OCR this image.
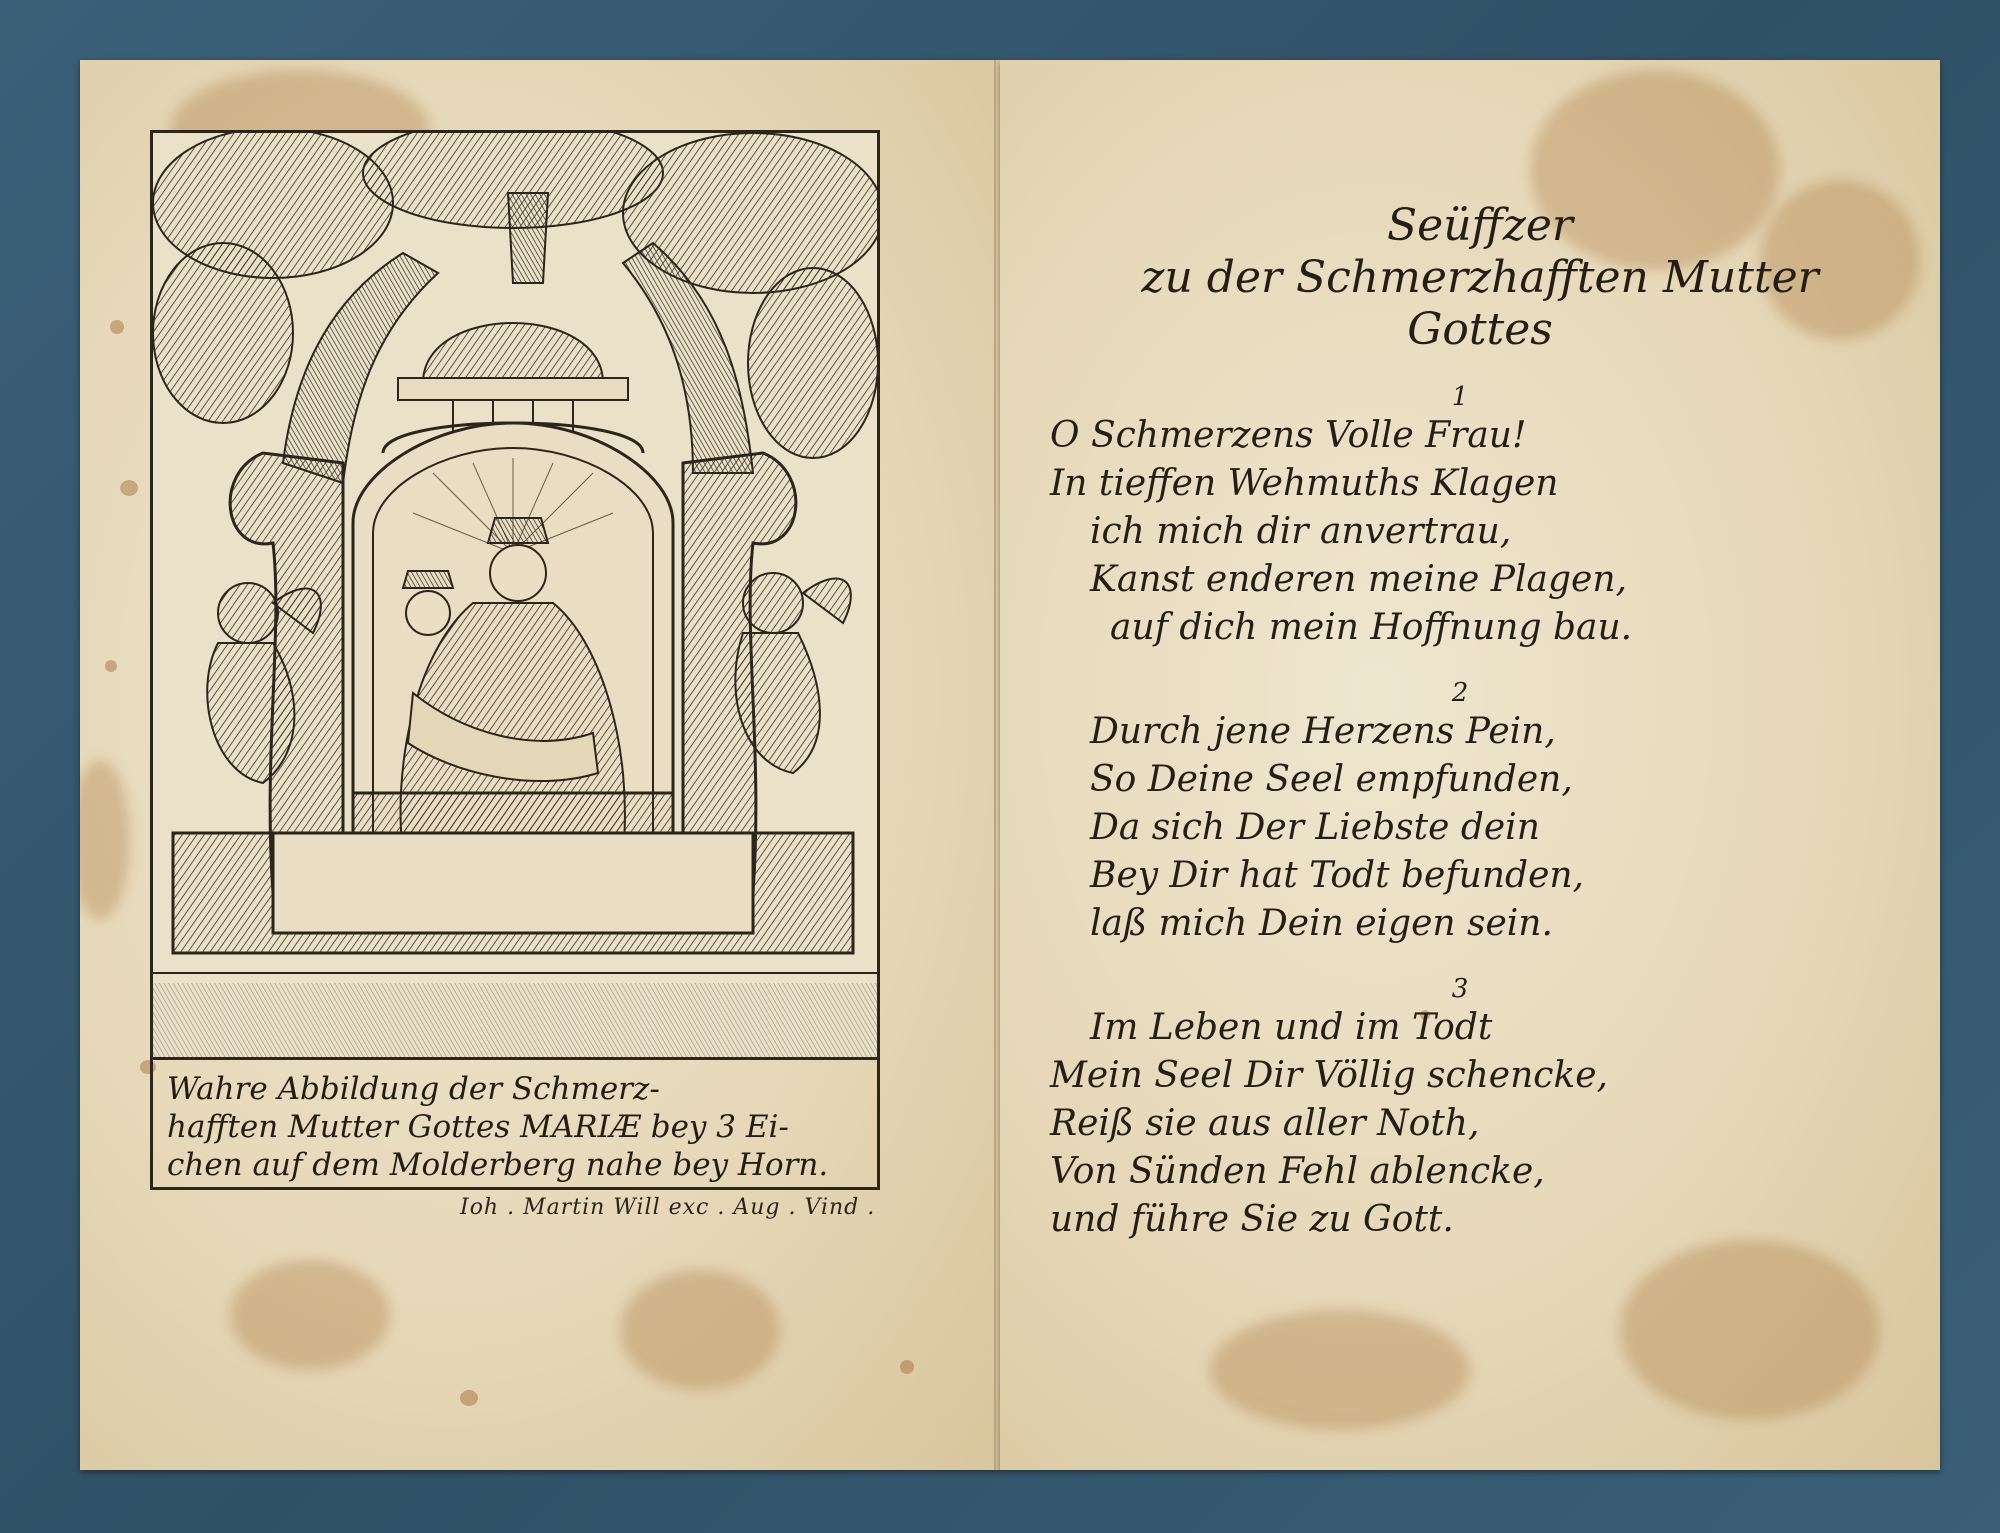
Wahre Abbildung der Schmerz-
hafften Mutter Gottes MARIÆ bey 3 Ei-
chen auf dem Molderberg nahe bey Horn.
Ioh . Martin Will exc . Aug . Vind .
Seüffzer
zu der Schmerzhafften Mutter
Gottes
1
O Schmerzens Volle Frau!
In tieffen Wehmuths Klagen
ich mich dir anvertrau,
Kanst enderen meine Plagen,
auf dich mein Hoffnung bau.
2
Durch jene Herzens Pein,
So Deine Seel empfunden,
Da sich Der Liebste dein
Bey Dir hat Todt befunden,
laß mich Dein eigen sein.
3
Im Leben und im Todt
Mein Seel Dir Völlig schencke,
Reiß sie aus aller Noth,
Von Sünden Fehl ablencke,
und führe Sie zu Gott.
